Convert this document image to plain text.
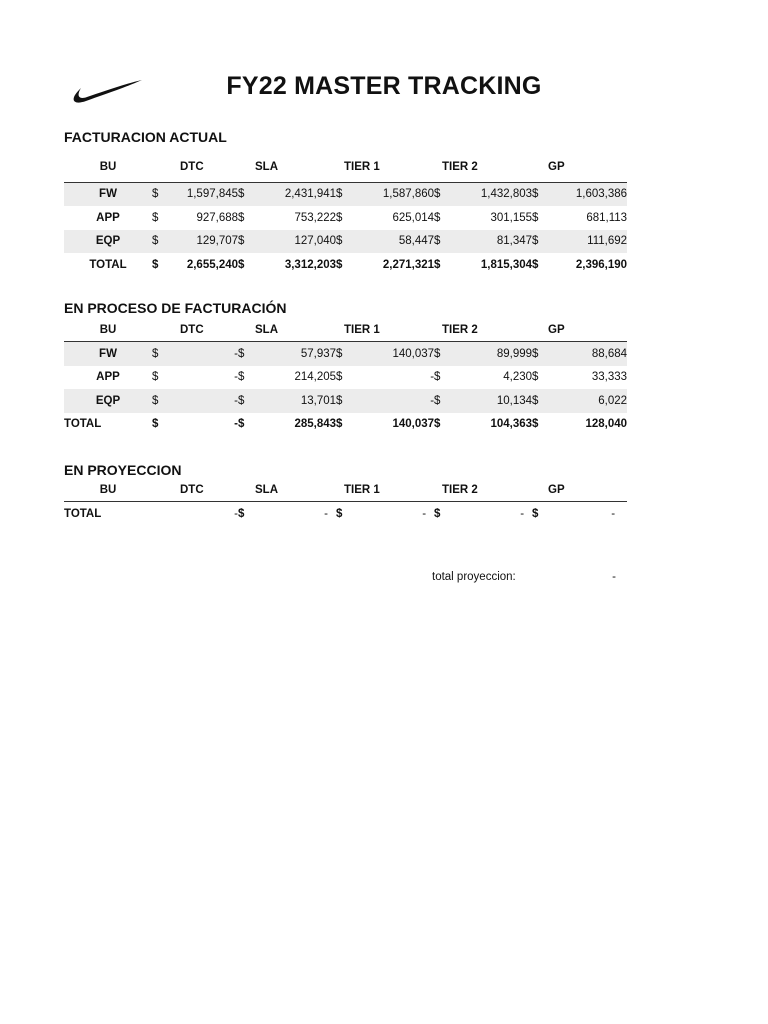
FY22 MASTER TRACKING
FACTURACION ACTUAL
BU	DTC		SLA		TIER 1		TIER 2		GP	
FW	$	1,597,845	$	2,431,941	$	1,587,860	$	1,432,803	$	1,603,386
APP	$	927,688	$	753,222	$	625,014	$	301,155	$	681,113
EQP	$	129,707	$	127,040	$	58,447	$	81,347	$	111,692
TOTAL	$	2,655,240	$	3,312,203	$	2,271,321	$	1,815,304	$	2,396,190
EN PROCESO DE FACTURACIÓN
BU	DTC		SLA		TIER 1		TIER 2		GP	
FW	$	-	$	57,937	$	140,037	$	89,999	$	88,684
APP	$	-	$	214,205	$	-	$	4,230	$	33,333
EQP	$	-	$	13,701	$	-	$	10,134	$	6,022
TOTAL	$	-	$	285,843	$	140,037	$	104,363	$	128,040
EN PROYECCION
BU	DTC		SLA		TIER 1		TIER 2		GP	
TOTAL		-	$	-	$	-	$	-	$	-
total proyeccion:	-
